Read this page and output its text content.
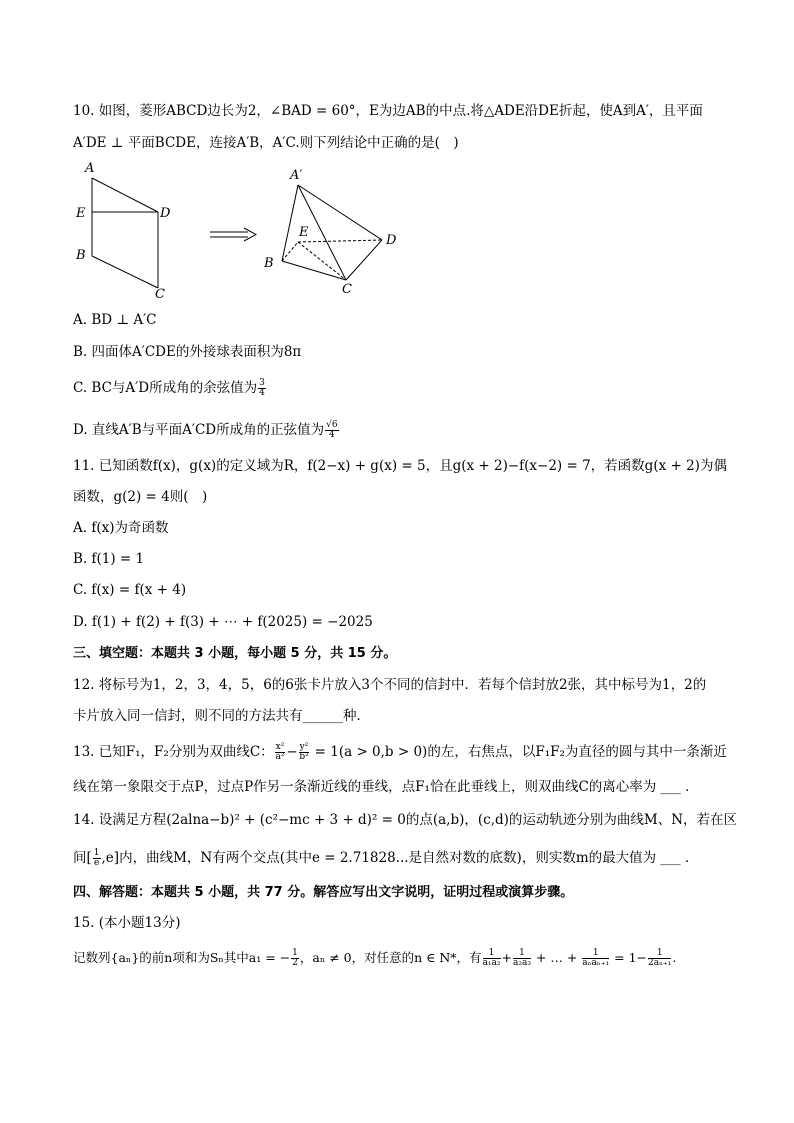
10. 如图，菱形ABCD边长为2，∠BAD = 60°，E为边AB的中点.将△ADE沿DE折起，使A到A′，且平面
A′DE ⊥ 平面BCDE，连接A′B，A′C.则下列结论中正确的是(　)
A
E	D
B
C
A′
E
D
B
C
A. BD ⊥ A′C
B. 四面体A′CDE的外接球表面积为8π
C. BC与A′D所成角的余弦值为 $\frac{3}{4}$
D. 直线A′B与平面A′CD所成角的正弦值为 $\frac{√6}{4}$
11. 已知函数f(x)，g(x)的定义域为R，f(2−x) + g(x) = 5，且g(x + 2)−f(x−2) = 7，若函数g(x + 2)为偶
函数，g(2) = 4则(　)
A. f(x)为奇函数
B. f(1) = 1
C. f(x) = f(x + 4)
D. f(1) + f(2) + f(3) + ⋯ + f(2025) = −2025
三、填空题：本题共 3 小题，每小题 5 分，共 15 分。
12. 将标号为1，2，3，4，5，6的6张卡片放入3个不同的信封中．若每个信封放2张，其中标号为1，2的
卡片放入同一信封，则不同的方法共有______种．
13. 已知F₁，F₂分别为双曲线C： $\frac{\text{x²}}{\text{a²}} - \frac{\text{y²}}{\text{b²}} = 1(a > 0,b > 0)$的左，右焦点，以F₁F₂为直径的圆与其中一条渐近
线在第一象限交于点P，过点P作另一条渐近线的垂线，点F₁恰在此垂线上，则双曲线C的离心率为 ___ ．
14. 设满足方程(2alna−b)² + (c²−mc + 3 + d)² = 0的点(a,b)，(c,d)的运动轨迹分别为曲线M、N，若在区
间[ $\frac{1}{e} ,e$]内，曲线M，N有两个交点(其中e = 2.71828...是自然对数的底数)，则实数m的最大值为 ___ ．
四、解答题：本题共 5 小题，共 77 分。解答应写出文字说明，证明过程或演算步骤。
15. (本小题13分)
记数列{aₙ}的前n项和为Sₙ其中a₁ = − $\frac{1}{2}$ ，aₙ ≠ 0，对任意的n ∈ N*，有 $\frac{1}{\text{a₁a₂}} + \frac{1}{\text{a₂a₃}}$ + … + $\frac{1}{\text{aₙaₙ₊₁}} = 1- \frac{1}{\text{2aₙ₊₁}}$ .
